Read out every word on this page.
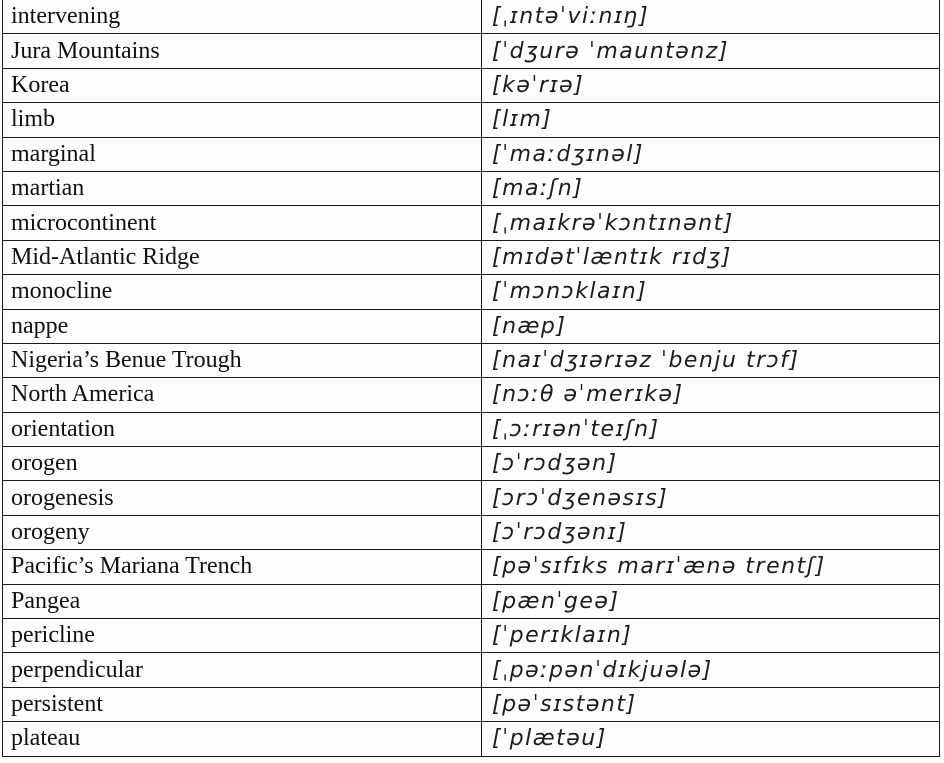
intervening	[ˌɪntəˈviːnɪŋ]
Jura Mountains	[ˈdʒurə ˈmauntənz]
Korea	[kəˈrɪə]
limb	[lɪm]
marginal	[ˈmaːdʒɪnəl]
martian	[maːʃn]
microcontinent	[ˌmaɪkrəˈkɔntɪnənt]
Mid-Atlantic Ridge	[mɪdətˈlæntɪk rɪdʒ]
monocline	[ˈmɔnɔklaɪn]
nappe	[næp]
Nigeria’s Benue Trough	[naɪˈdʒɪərɪəz ˈbenju trɔf]
North America	[nɔːθ əˈmerɪkə]
orientation	[ˌɔːrɪənˈteɪʃn]
orogen	[ɔˈrɔdʒən]
orogenesis	[ɔrɔˈdʒenəsɪs]
orogeny	[ɔˈrɔdʒənɪ]
Pacific’s Mariana Trench	[pəˈsɪfɪks marɪˈænə trentʃ]
Pangea	[pænˈgeə]
pericline	[ˈperɪklaɪn]
perpendicular	[ˌpəːpənˈdɪkjuələ]
persistent	[pəˈsɪstənt]
plateau	[ˈplætəu]
